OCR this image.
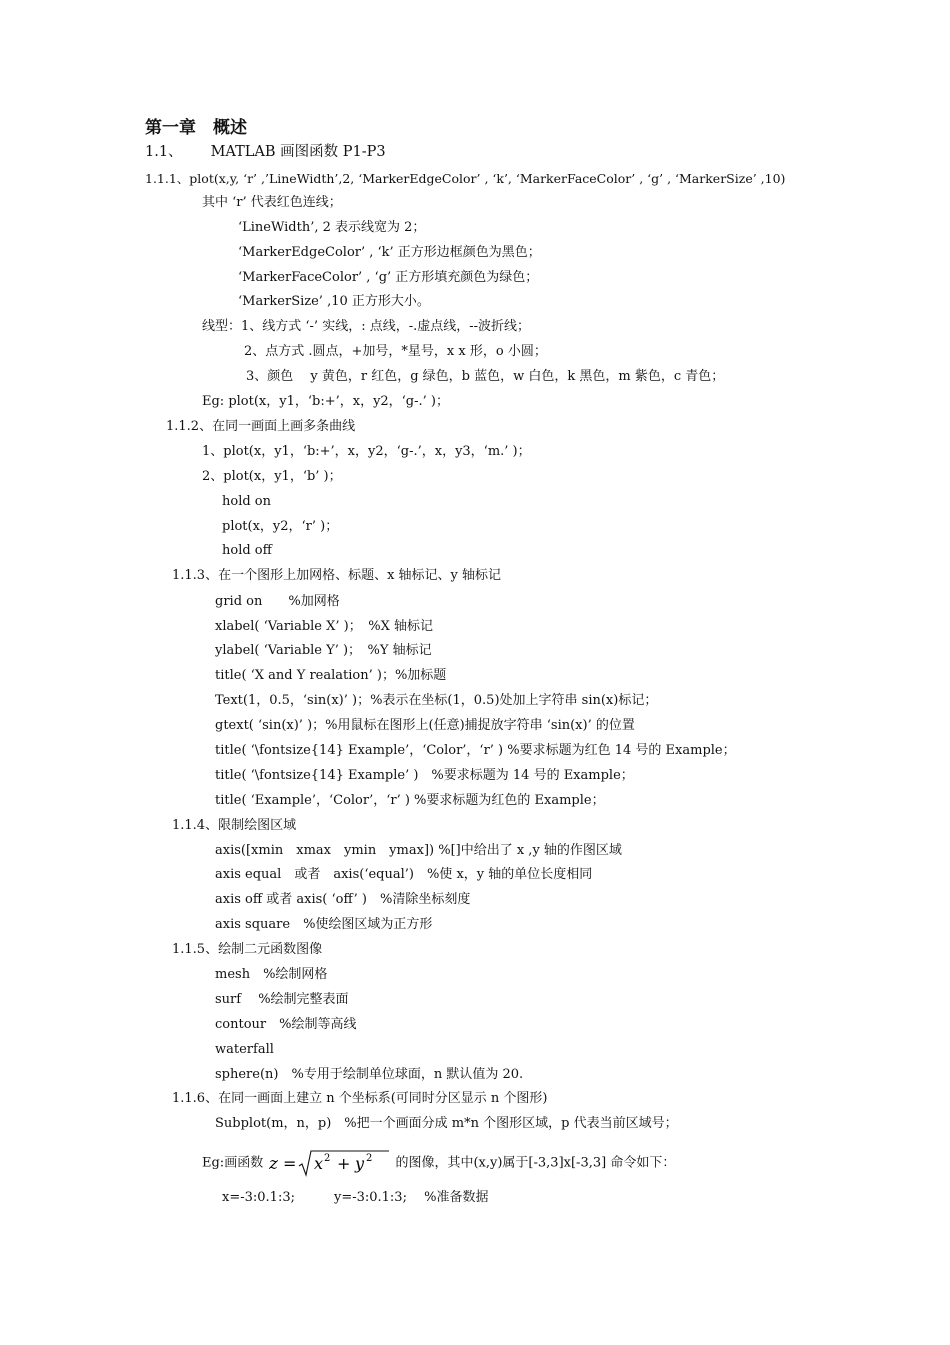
第一章　概述
1.1、 MATLAB 画图函数 P1-P3
1.1.1、plot(x,y, ‘r’ ,’LineWidth’,2, ‘MarkerEdgeColor’ , ‘k’, ‘MarkerFaceColor’ , ‘g’ , ‘MarkerSize’ ,10)
其中 ‘r’ 代表红色连线；
‘LineWidth’, 2 表示线宽为 2；
‘MarkerEdgeColor’ , ‘k’ 正方形边框颜色为黑色；
‘MarkerFaceColor’ , ‘g’ 正方形填充颜色为绿色；
‘MarkerSize’ ,10 正方形大小。
线型：1、线方式 ‘-’ 实线，: 点线，-.虚点线，--波折线；
2、点方式 .圆点，+加号，*星号，x x 形，o 小圆；
3、颜色　 y 黄色，r 红色，g 绿色，b 蓝色，w 白色，k 黑色，m 紫色，c 青色；
Eg: plot(x，y1，‘b:+’，x，y2，‘g-.’ )；
1.1.2、在同一画面上画多条曲线
1、plot(x，y1，‘b:+’，x，y2，‘g-.’，x，y3，‘m.’ )；
2、plot(x，y1，‘b’ )；
hold on
plot(x，y2，‘r’ )；
hold off
1.1.3、在一个图形上加网格、标题、x 轴标记、y 轴标记
grid on　　%加网格
xlabel( ‘Variable X’ )；　%X 轴标记
ylabel( ‘Variable Y’ )；　%Y 轴标记
title( ‘X and Y realation’ )；%加标题
Text(1，0.5，‘sin(x)’ )；%表示在坐标(1，0.5)处加上字符串 sin(x)标记；
gtext( ‘sin(x)’ )；%用鼠标在图形上(任意)捕捉放字符串 ‘sin(x)’ 的位置
title( ‘\fontsize{14} Example’，‘Color’，‘r’ ) %要求标题为红色 14 号的 Example；
title( ‘\fontsize{14} Example’ )　%要求标题为 14 号的 Example；
title( ‘Example’，‘Color’，‘r’ ) %要求标题为红色的 Example；
1.1.4、限制绘图区域
axis([xmin　xmax　ymin　ymax]) %[]中给出了 x ,y 轴的作图区域
axis equal　或者　axis(‘equal’)　%使 x，y 轴的单位长度相同
axis off 或者 axis( ‘off’ )　%清除坐标刻度
axis square　%使绘图区域为正方形
1.1.5、绘制二元函数图像
mesh　%绘制网格
surf　 %绘制完整表面
contour　%绘制等高线
waterfall
sphere(n)　%专用于绘制单位球面，n 默认值为 20.
1.1.6、在同一画面上建立 n 个坐标系(可同时分区显示 n 个图形)
Subplot(m，n，p)　%把一个画面分成 m*n 个图形区域，p 代表当前区域号；
Eg:画函数 z = x 2 + y 2 的图像，其中(x,y)属于[-3,3]x[-3,3] 命令如下：
x=-3:0.1:3;　　　y=-3:0.1:3;　 %准备数据
